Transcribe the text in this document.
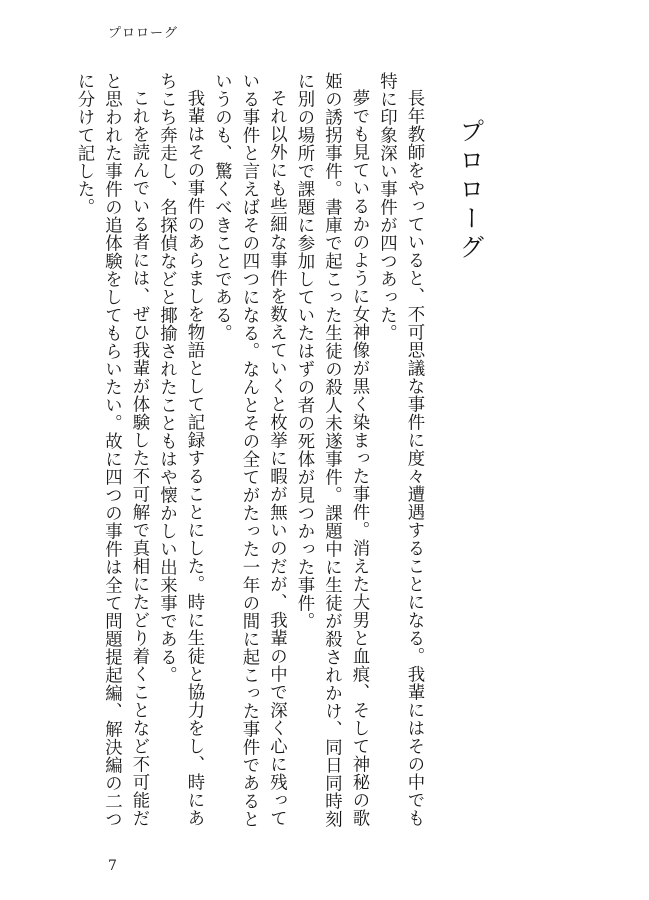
プロローグ
プロローグ

長年教師をやっていると、不可思議な事件に度々遭遇することになる。我輩にはその中でも特に印象深い事件が四つあった。

夢でも見ているかのように女神像が黒く染まった事件。消えた大男と血痕、そして神秘の歌姫の誘拐事件。書庫で起こった生徒の殺人未遂事件。課題中に生徒が殺されかけ、同日同時刻に別の場所で課題に参加していたはずの者の死体が見つかった事件。

それ以外にも些細な事件を数えていくと枚挙に暇が無いのだが、我輩の中で深く心に残っている事件と言えばその四つになる。なんとその全てがたった一年の間に起こった事件であるというのも、驚くべきことである。

我輩はその事件のあらましを物語として記録することにした。時に生徒と協力をし、時にあちこち奔走し、名探偵などと揶揄されたこともはや懐かしい出来事である。

これを読んでいる者には、ぜひ我輩が体験した不可解で真相にたどり着くことなど不可能だと思われた事件の追体験をしてもらいたい。故に四つの事件は全て問題提起編、解決編の二つに分けて記した。

7
